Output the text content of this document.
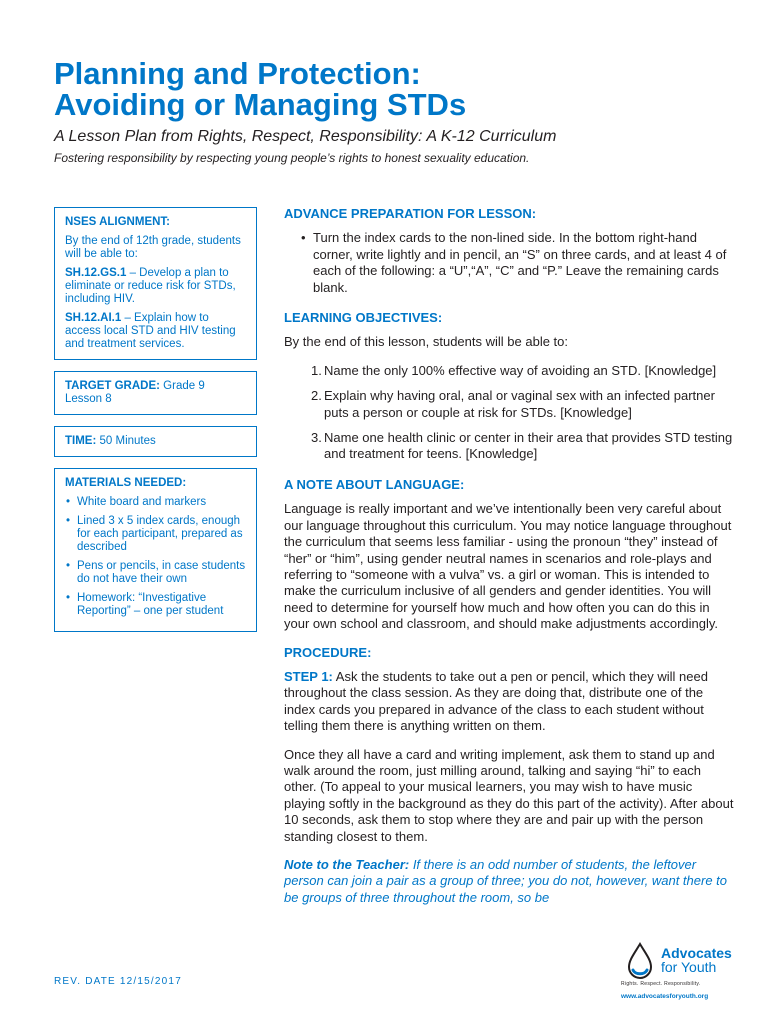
Planning and Protection:
Avoiding or Managing STDs
A Lesson Plan from Rights, Respect, Responsibility: A K-12 Curriculum
Fostering responsibility by respecting young people’s rights to honest sexuality education.
NSES ALIGNMENT:

By the end of 12th grade, students will be able to:

SH.12.GS.1 – Develop a plan to eliminate or reduce risk for STDs, including HIV.

SH.12.AI.1 – Explain how to access local STD and HIV testing and treatment services.

TARGET GRADE: Grade 9
Lesson 8
TIME: 50 Minutes
MATERIALS NEEDED:
• White board and markers
• Lined 3 x 5 index cards, enough for each participant, prepared as described
• Pens or pencils, in case students do not have their own
• Homework: “Investigative Reporting” – one per student
ADVANCE PREPARATION FOR LESSON:
• Turn the index cards to the non-lined side. In the bottom right-hand corner, write lightly and in pencil, an “S” on three cards, and at least 4 of each of the following: a “U”,“A”, “C” and “P.” Leave the remaining cards blank.
LEARNING OBJECTIVES:

By the end of this lesson, students will be able to:

1. Name the only 100% effective way of avoiding an STD. [Knowledge]
2. Explain why having oral, anal or vaginal sex with an infected partner puts a person or couple at risk for STDs. [Knowledge]
3. Name one health clinic or center in their area that provides STD testing and treatment for teens. [Knowledge]
A NOTE ABOUT LANGUAGE:

Language is really important and we’ve intentionally been very careful about our language throughout this curriculum. You may notice language throughout the curriculum that seems less familiar - using the pronoun “they” instead of “her” or “him”, using gender neutral names in scenarios and role-plays and referring to “someone with a vulva” vs. a girl or woman. This is intended to make the curriculum inclusive of all genders and gender identities. You will need to determine for yourself how much and how often you can do this in your own school and classroom, and should make adjustments accordingly.

PROCEDURE:

STEP 1: Ask the students to take out a pen or pencil, which they will need throughout the class session. As they are doing that, distribute one of the index cards you prepared in advance of the class to each student without telling them there is anything written on them.

Once they all have a card and writing implement, ask them to stand up and walk around the room, just milling around, talking and saying “hi” to each other. (To appeal to your musical learners, you may wish to have music playing softly in the background as they do this part of the activity). After about 10 seconds, ask them to stop where they are and pair up with the person standing closest to them.

Note to the Teacher: If there is an odd number of students, the leftover person can join a pair as a group of three; you do not, however, want there to be groups of three throughout the room, so be

REV. DATE 12/15/2017
Advocates
for Youth
Rights. Respect. Responsibility.
www.advocatesforyouth.org
